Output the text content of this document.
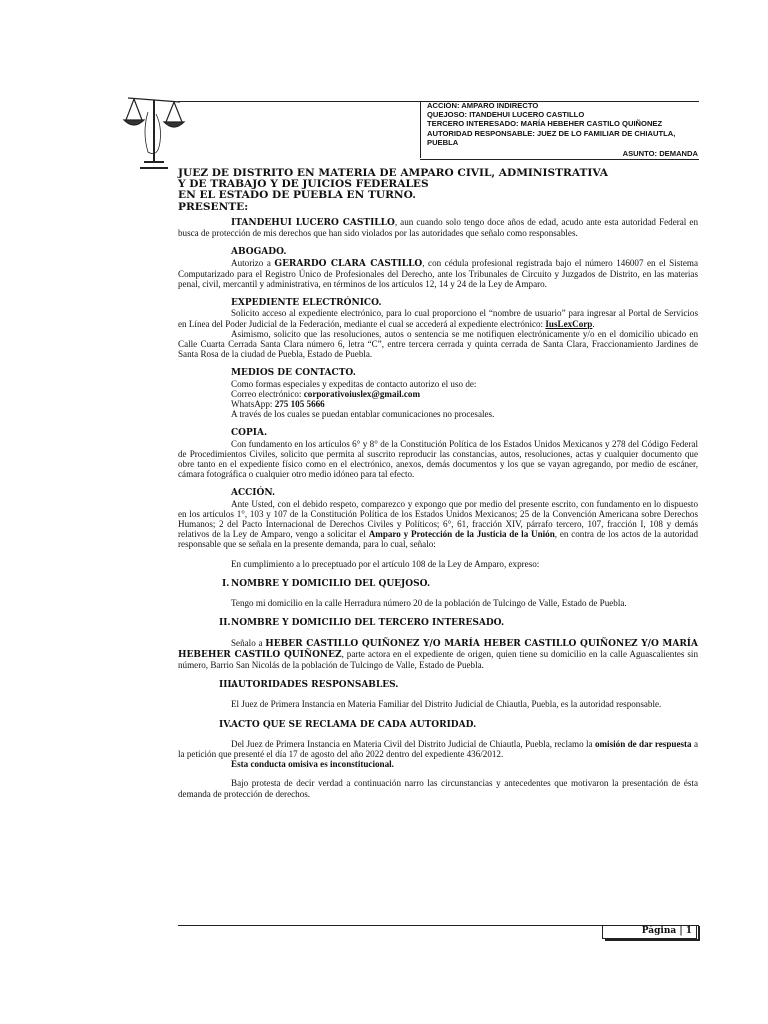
ACCIÓN: AMPARO INDIRECTO
QUEJOSO: ITANDEHUI LUCERO CASTILLO
TERCERO INTERESADO: MARÍA HEBEHER CASTILO QUIÑONEZ
AUTORIDAD RESPONSABLE: JUEZ DE LO FAMILIAR DE CHIAUTLA,
PUEBLA
ASUNTO: DEMANDA
JUEZ DE DISTRITO EN MATERIA DE AMPARO CIVIL, ADMINISTRATIVA
Y DE TRABAJO Y DE JUICIOS FEDERALES
EN EL ESTADO DE PUEBLA EN TURNO.
PRESENTE:

ITANDEHUI LUCERO CASTILLO, aun cuando solo tengo doce años de edad, acudo ante esta autoridad Federal en busca de protección de mis derechos que han sido violados por las autoridades que señalo como responsables.

ABOGADO.

Autorizo a GERARDO CLARA CASTILLO, con cédula profesional registrada bajo el número 146007 en el Sistema Computarizado para el Registro Único de Profesionales del Derecho, ante los Tribunales de Circuito y Juzgados de Distrito, en las materias penal, civil, mercantil y administrativa, en términos de los artículos 12, 14 y 24 de la Ley de Amparo.

EXPEDIENTE ELECTRÓNICO.

Solicito acceso al expediente electrónico, para lo cual proporciono el “nombre de usuario” para ingresar al Portal de Servicios en Línea del Poder Judicial de la Federación, mediante el cual se accederá al expediente electrónico: IusLexCorp.

Asimismo, solicito que las resoluciones, autos o sentencia se me notifiquen electrónicamente y/o en el domicilio ubicado en Calle Cuarta Cerrada Santa Clara número 6, letra “C”, entre tercera cerrada y quinta cerrada de Santa Clara, Fraccionamiento Jardines de Santa Rosa de la ciudad de Puebla, Estado de Puebla.

MEDIOS DE CONTACTO.

Como formas especiales y expeditas de contacto autorizo el uso de:

Correo electrónico: corporativoiuslex@gmail.com

WhatsApp: 275 105 5666

A través de los cuales se puedan entablar comunicaciones no procesales.

COPIA.

Con fundamento en los artículos 6° y 8° de la Constitución Política de los Estados Unidos Mexicanos y 278 del Código Federal de Procedimientos Civiles, solicito que permita al suscrito reproducir las constancias, autos, resoluciones, actas y cualquier documento que obre tanto en el expediente físico como en el electrónico, anexos, demás documentos y los que se vayan agregando, por medio de escáner, cámara fotográfica o cualquier otro medio idóneo para tal efecto.

ACCIÓN.

Ante Usted, con el debido respeto, comparezco y expongo que por medio del presente escrito, con fundamento en lo dispuesto en los artículos 1°, 103 y 107 de la Constitución Política de los Estados Unidos Mexicanos; 25 de la Convención Americana sobre Derechos Humanos; 2 del Pacto Internacional de Derechos Civiles y Políticos; 6°, 61, fracción XIV, párrafo tercero, 107, fracción I, 108 y demás relativos de la Ley de Amparo, vengo a solicitar el Amparo y Protección de la Justicia de la Unión, en contra de los actos de la autoridad responsable que se señala en la presente demanda, para lo cual, señalo:

En cumplimiento a lo preceptuado por el artículo 108 de la Ley de Amparo, expreso:

I. NOMBRE Y DOMICILIO DEL QUEJOSO.

Tengo mi domicilio en la calle Herradura número 20 de la población de Tulcingo de Valle, Estado de Puebla.

II. NOMBRE Y DOMICILIO DEL TERCERO INTERESADO.

Señalo a HEBER CASTILLO QUIÑONEZ Y/O MARÍA HEBER CASTILLO QUIÑONEZ Y/O MARÍA HEBEHER CASTILO QUIÑONEZ, parte actora en el expediente de origen, quien tiene su domicilio en la calle Aguascalientes sin número, Barrio San Nicolás de la población de Tulcingo de Valle, Estado de Puebla.

III.
AUTORIDADES RESPONSABLES.

El Juez de Primera Instancia en Materia Familiar del Distrito Judicial de Chiautla, Puebla, es la autoridad responsable.

IV. ACTO QUE SE RECLAMA DE CADA AUTORIDAD.

Del Juez de Primera Instancia en Materia Civil del Distrito Judicial de Chiautla, Puebla, reclamo la omisión de dar respuesta a la petición que presenté el día 17 de agosto del año 2022 dentro del expediente 436/2012.

Esta conducta omisiva es inconstitucional.

Bajo protesta de decir verdad a continuación narro las circunstancias y antecedentes que motivaron la presentación de ésta demanda de protección de derechos.

Página | 1
